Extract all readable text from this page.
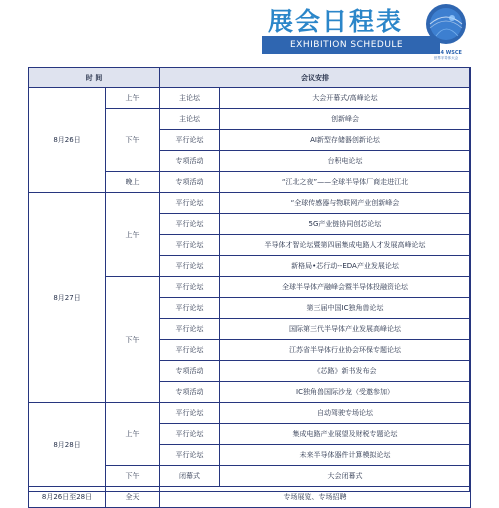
展会日程表
EXHIBITION SCHEDULE
2024 WSCE
世界半导体大会
时 间		会议安排	
8月26日	上午	主论坛	大会开幕式/高峰论坛
	下午	主论坛	创新峰会
		平行论坛	AI新型存储器创新论坛
		专项活动	台积电论坛
	晚上	专项活动	“江北之夜”——全球半导体厂商走进江北
8月27日	上午	平行论坛	“全球传感器与物联网产业创新峰会
		平行论坛	5G产业链协同创芯论坛
		平行论坛	半导体才智论坛暨第四届集成电路人才发展高峰论坛
		平行论坛	新格局•芯行动--EDA产业发展论坛
	下午	平行论坛	全球半导体产融峰会暨半导体投融资论坛
		平行论坛	第三届中国IC独角兽论坛
		平行论坛	国际第三代半导体产业发展高峰论坛
		平行论坛	江苏省半导体行业协会环保专题论坛
		专项活动	《芯路》新书发布会
		专项活动	IC独角兽国际沙龙（受邀参加）
8月28日	上午	平行论坛	自动驾驶专场论坛
		平行论坛	集成电路产业展望及财税专题论坛
		平行论坛	未来半导体器件计算模拟论坛
	下午	闭幕式	大会闭幕式
8月26日至28日	全天	专场展览、专场招聘	
